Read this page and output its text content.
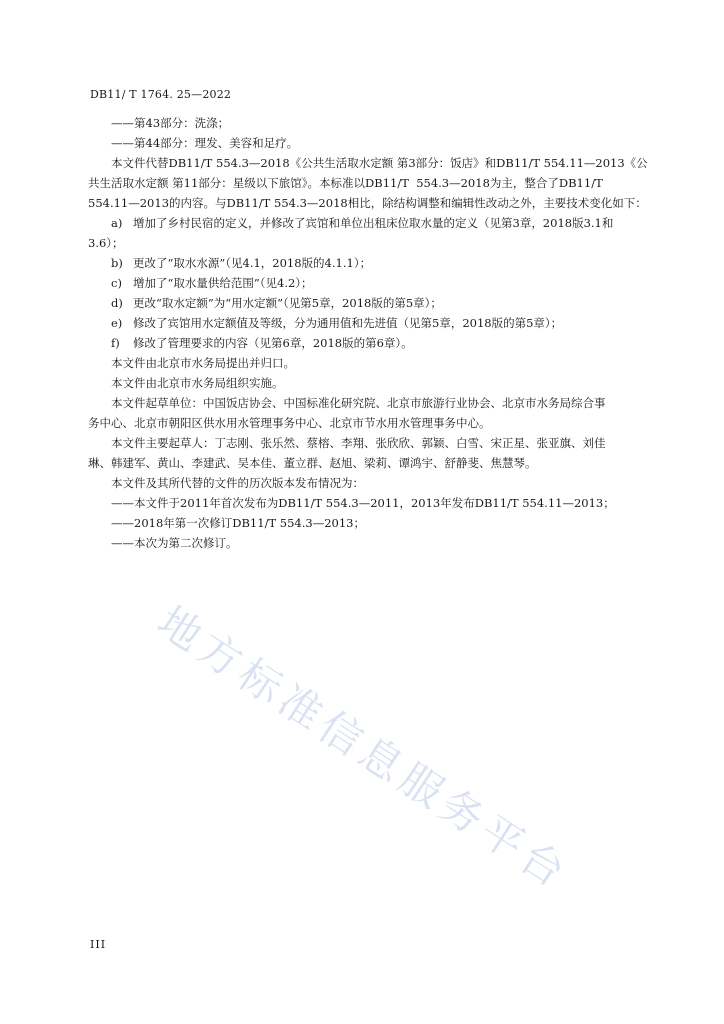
DB11/ T 1764. 25—2022

——第43部分：洗涤；

——第44部分：理发、美容和足疗。

本文件代替DB11/T 554.3—2018《公共生活取水定额 第3部分：饭店》和DB11/T 554.11—2013《公

共生活取水定额 第11部分：星级以下旅馆》。本标准以DB11/T  554.3—2018为主，整合了DB11/T

554.11—2013的内容。与DB11/T 554.3—2018相比，除结构调整和编辑性改动之外，主要技术变化如下：

a) 增加了乡村民宿的定义，并修改了宾馆和单位出租床位取水量的定义（见第3章，2018版3.1和

3.6）；

b) 更改了“取水水源”（见4.1，2018版的4.1.1）；

c) 增加了“取水量供给范围”（见4.2）；

d) 更改“取水定额”为“用水定额”（见第5章，2018版的第5章）；

e) 修改了宾馆用水定额值及等级，分为通用值和先进值（见第5章，2018版的第5章）；

f) 修改了管理要求的内容（见第6章，2018版的第6章）。

本文件由北京市水务局提出并归口。

本文件由北京市水务局组织实施。

本文件起草单位：中国饭店协会、中国标准化研究院、北京市旅游行业协会、北京市水务局综合事

务中心、北京市朝阳区供水用水管理事务中心、北京市节水用水管理事务中心。

本文件主要起草人：丁志刚、张乐然、蔡榕、李翔、张欣欣、郭颖、白雪、宋正星、张亚旗、刘佳

琳、韩建军、黄山、李建武、吴本佳、董立群、赵旭、梁莉、谭鸿宇、舒静斐、焦慧琴。

本文件及其所代替的文件的历次版本发布情况为：

——本文件于2011年首次发布为DB11/T 554.3—2011，2013年发布DB11/T 554.11—2013；

——2018年第一次修订DB11/T 554.3—2013；

——本次为第二次修订。

地方标准信息服务平台
III
